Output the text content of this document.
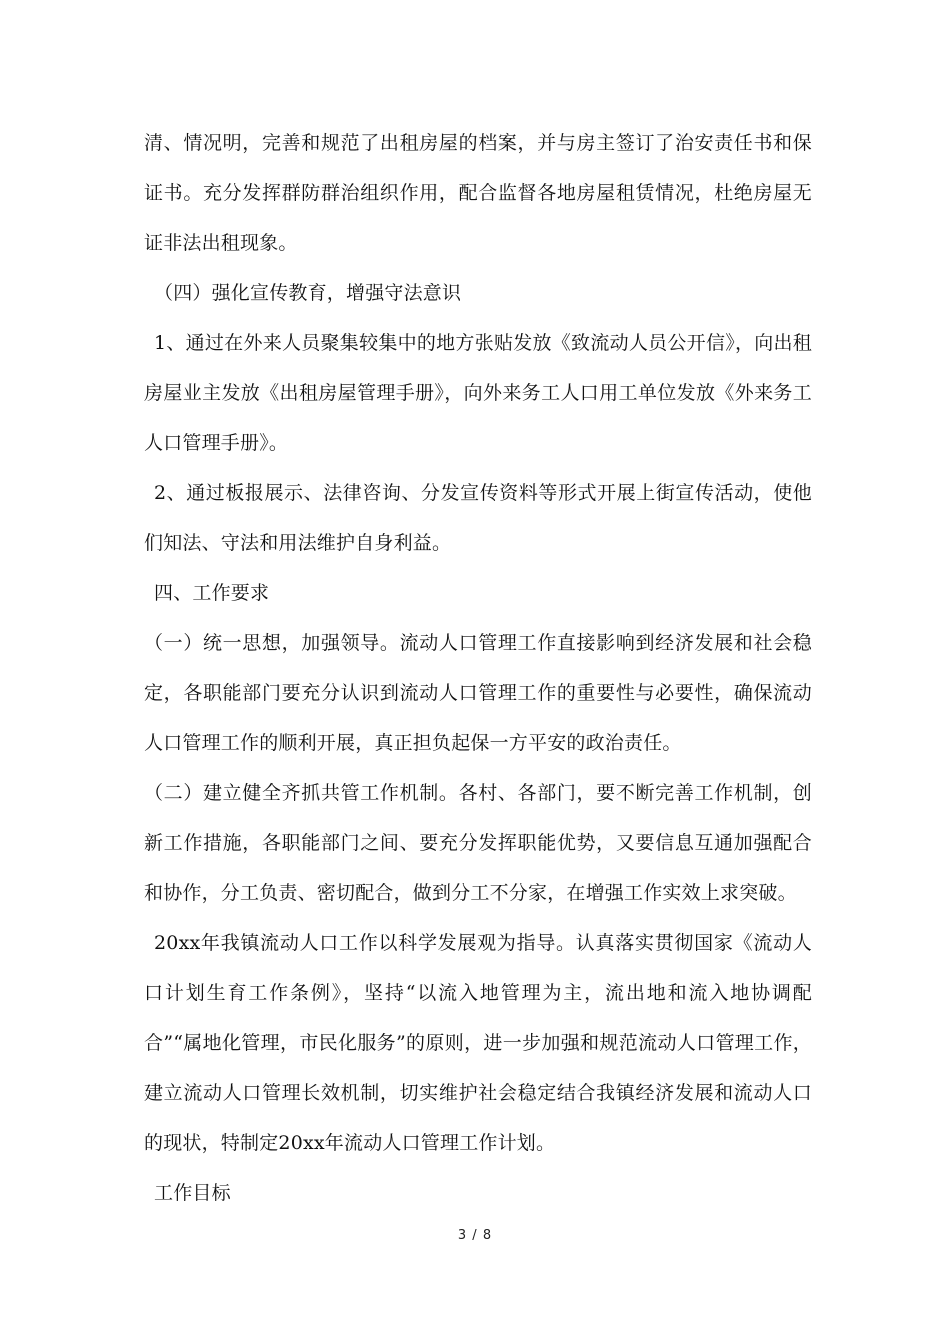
清、情况明，完善和规范了出租房屋的档案，并与房主签订了治安责任书和保证书。充分发挥群防群治组织作用，配合监督各地房屋租赁情况，杜绝房屋无证非法出租现象。

（四）强化宣传教育，增强守法意识

1、通过在外来人员聚集较集中的地方张贴发放《致流动人员公开信》，向出租房屋业主发放《出租房屋管理手册》，向外来务工人口用工单位发放《外来务工人口管理手册》。

2、通过板报展示、法律咨询、分发宣传资料等形式开展上街宣传活动，使他们知法、守法和用法维护自身利益。

四、工作要求

（一）统一思想，加强领导。流动人口管理工作直接影响到经济发展和社会稳定，各职能部门要充分认识到流动人口管理工作的重要性与必要性，确保流动人口管理工作的顺利开展，真正担负起保一方平安的政治责任。

（二）建立健全齐抓共管工作机制。各村、各部门，要不断完善工作机制，创新工作措施，各职能部门之间、要充分发挥职能优势，又要信息互通加强配合和协作，分工负责、密切配合，做到分工不分家，在增强工作实效上求突破。

20xx年我镇流动人口工作以科学发展观为指导。认真落实贯彻国家《流动人口计划生育工作条例》，坚持“以流入地管理为主，流出地和流入地协调配合”“属地化管理，市民化服务”的原则，进一步加强和规范流动人口管理工作，建立流动人口管理长效机制，切实维护社会稳定结合我镇经济发展和流动人口的现状，特制定20xx年流动人口管理工作计划。

工作目标

3 / 8
